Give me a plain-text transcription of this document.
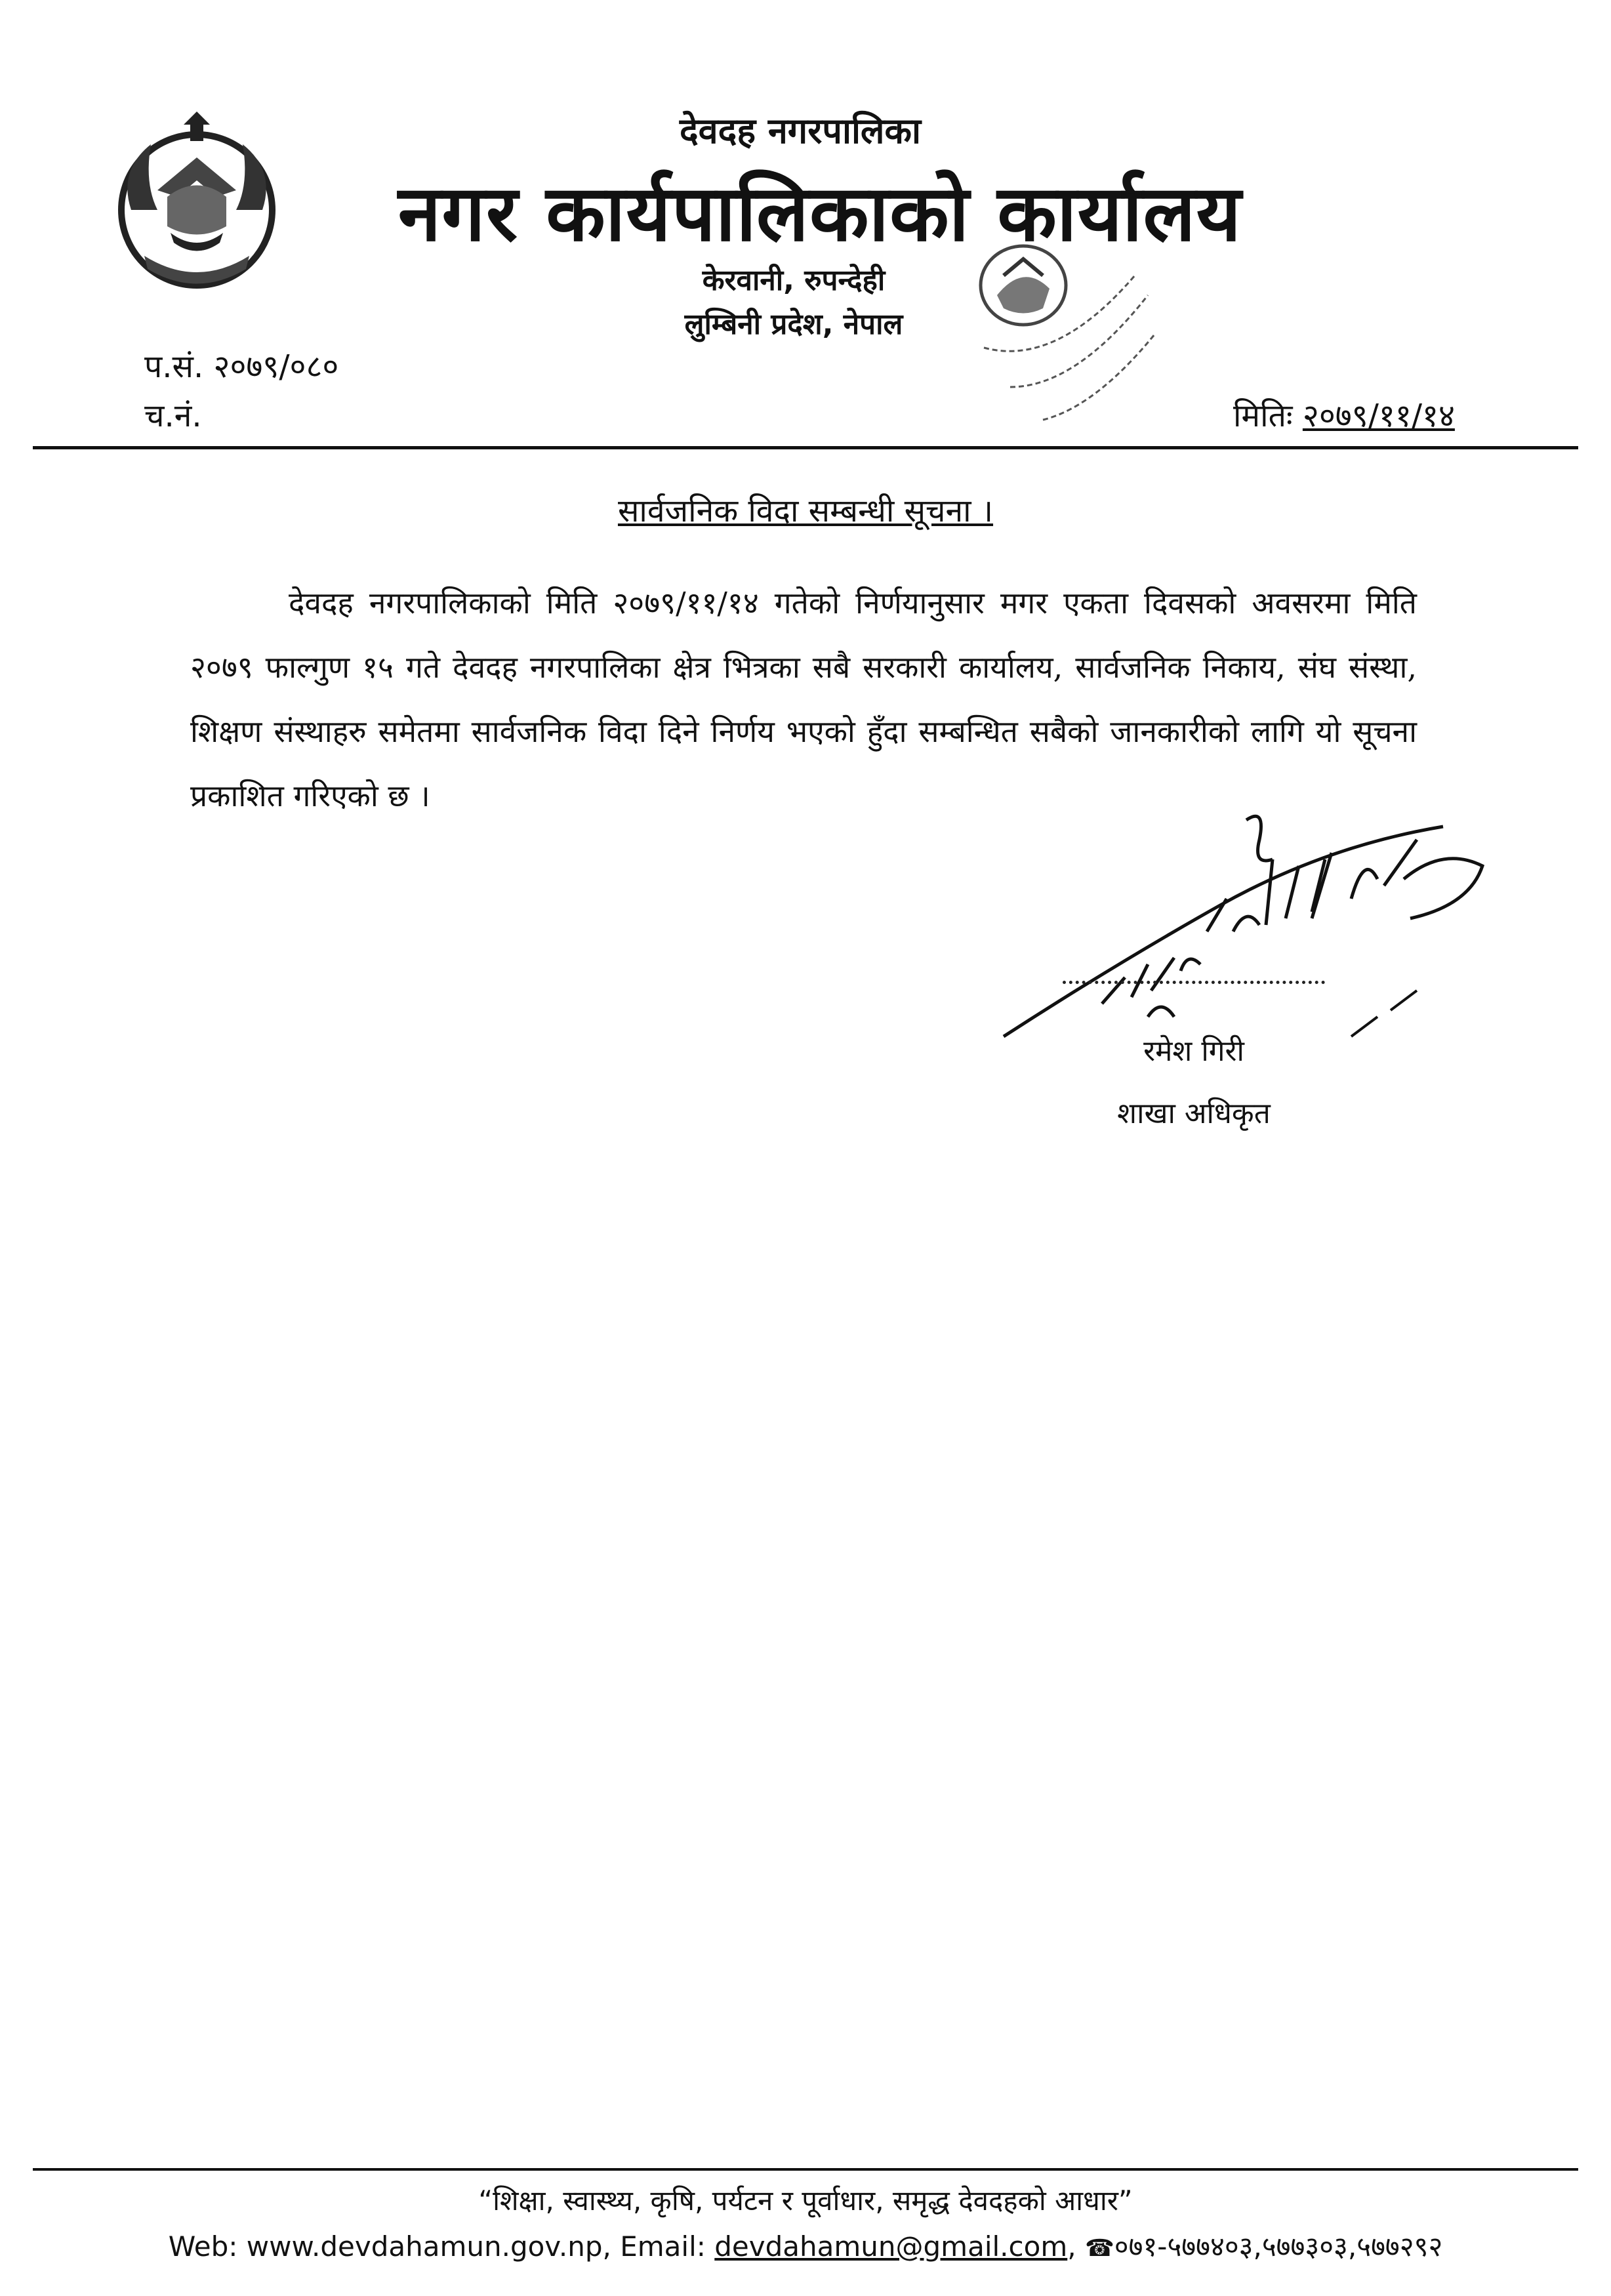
देवदह नगरपालिका
नगर कार्यपालिकाको कार्यालय
केरवानी, रुपन्देही
लुम्बिनी प्रदेश, नेपाल
प.सं. २०७९/०८०
च.नं.	मितिः २०७९/११/१४
सार्वजनिक विदा सम्बन्धी सूचना ।

देवदह नगरपालिकाको मिति २०७९/११/१४ गतेको निर्णयानुसार मगर एकता दिवसको अवसरमा मिति २०७९ फाल्गुण १५ गते देवदह नगरपालिका क्षेत्र भित्रका सबै सरकारी कार्यालय, सार्वजनिक निकाय, संघ संस्था, शिक्षण संस्थाहरु समेतमा सार्वजनिक विदा दिने निर्णय भएको हुँदा सम्बन्धित सबैको जानकारीको लागि यो सूचना प्रकाशित गरिएको छ ।

रमेश गिरी
शाखा अधिकृत
“शिक्षा, स्वास्थ्य, कृषि, पर्यटन र पूर्वाधार, समृद्ध देवदहको आधार”
Web: www.devdahamun.gov.np, Email: devdahamun@gmail.com, ☎०७१-५७७४०३,५७७३०३,५७७२९२
